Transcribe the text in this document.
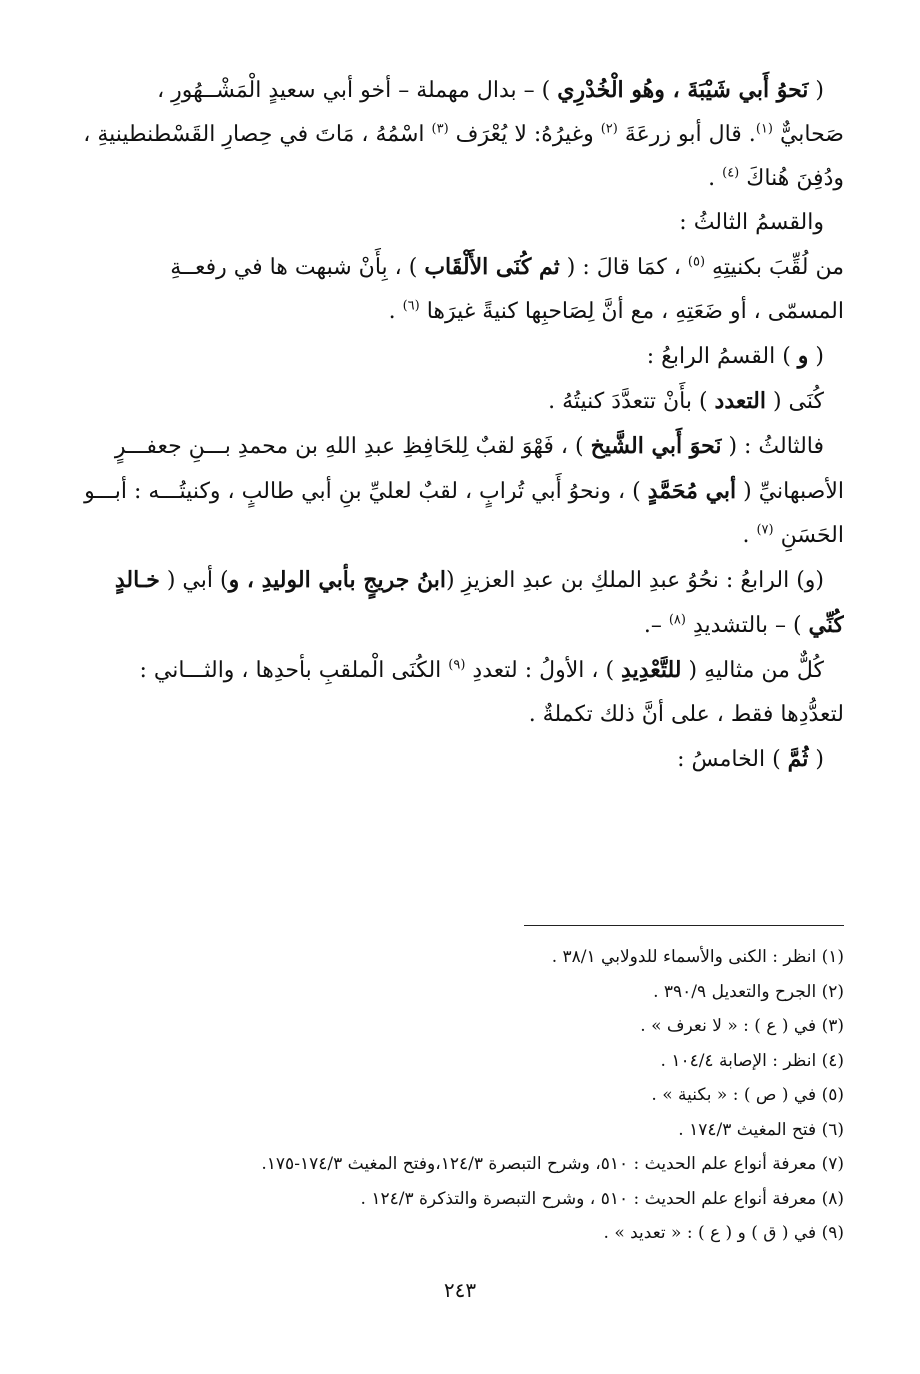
( نَحوُ أَبي شَيْبَةَ ، وهُو الْخُدْرِي ) – بدال مهملة – أخو أبي سعيدٍ الْمَشْــهُورِ ،
صَحابيٌّ $^{(١)}$. قال أبو زرعَةَ $^{(٢)}$ وغيرُهُ: لا يُعْرَف $^{(٣)}$ اسْمُهُ ، مَاتَ في حِصارِ القَسْطنطينيةِ ،
ودُفِنَ هُناكَ $^{(٤)}$ .
والقسمُ الثالثُ :
من لُقِّبَ بكنيتِهِ $^{(٥)}$ ، كمَا قالَ : ( ثم كُنَى الأَلْقَاب ) ، بِأَنْ شبهت ها في رفعــةِ
المسمّى ، أو ضَعَتِهِ ، مع أنَّ لِصَاحبِها كنيةً غيرَها $^{(٦)}$ .
( و ) القسمُ الرابعُ :
كُنَى ( التعدد ) بأَنْ تتعدَّدَ كنيتُهُ .
فالثالثُ : ( نَحوَ أَبي الشَّيخ ) ، فَهْوَ لقبٌ لِلحَافِظِ عبدِ اللهِ بن محمدِ بـــنِ جعفـــرٍ
الأصبهانيِّ ( أبي مُحَمَّدٍ ) ، ونحوُ أَبي تُرابٍ ، لقبٌ لعليِّ بنِ أبي طالبٍ ، وكنيتُـــه : أبـــو
الحَسَنِ $^{(٧)}$ .
(و) الرابعُ : نحُوُ عبدِ الملكِ بن عبدِ العزيزِ (ابنُ جريجٍ بأبي الوليدِ ، و) أبي ( خـالدٍ
كُنِّي ) – بالتشديدِ $^{(٨)}$ –.
كُلٌّ من مثاليهِ ( للتَّعْدِيدِ ) ، الأولُ : لتعددِ $^{(٩)}$ الكُنَى الْملقبِ بأحدِها ، والثـــاني :
لتعدُّدِها فقط ، على أنَّ ذلك تكملةٌ .
( ثُمَّ ) الخامسُ :
(١) انظر : الكنى والأسماء للدولابي ٣٨/١ .
(٢) الجرح والتعديل ٣٩٠/٩ .
(٣) في ( ع ) : « لا نعرف » .
(٤) انظر : الإصابة ١٠٤/٤ .
(٥) في ( ص ) : « بكنية » .
(٦) فتح المغيث ١٧٤/٣ .
(٧) معرفة أنواع علم الحديث : ٥١٠، وشرح التبصرة ١٢٤/٣،وفتح المغيث ١٧٤/٣-١٧٥.
(٨) معرفة أنواع علم الحديث : ٥١٠ ، وشرح التبصرة والتذكرة ١٢٤/٣ .
(٩) في ( ق ) و ( ع ) : « تعديد » .
٢٤٣
